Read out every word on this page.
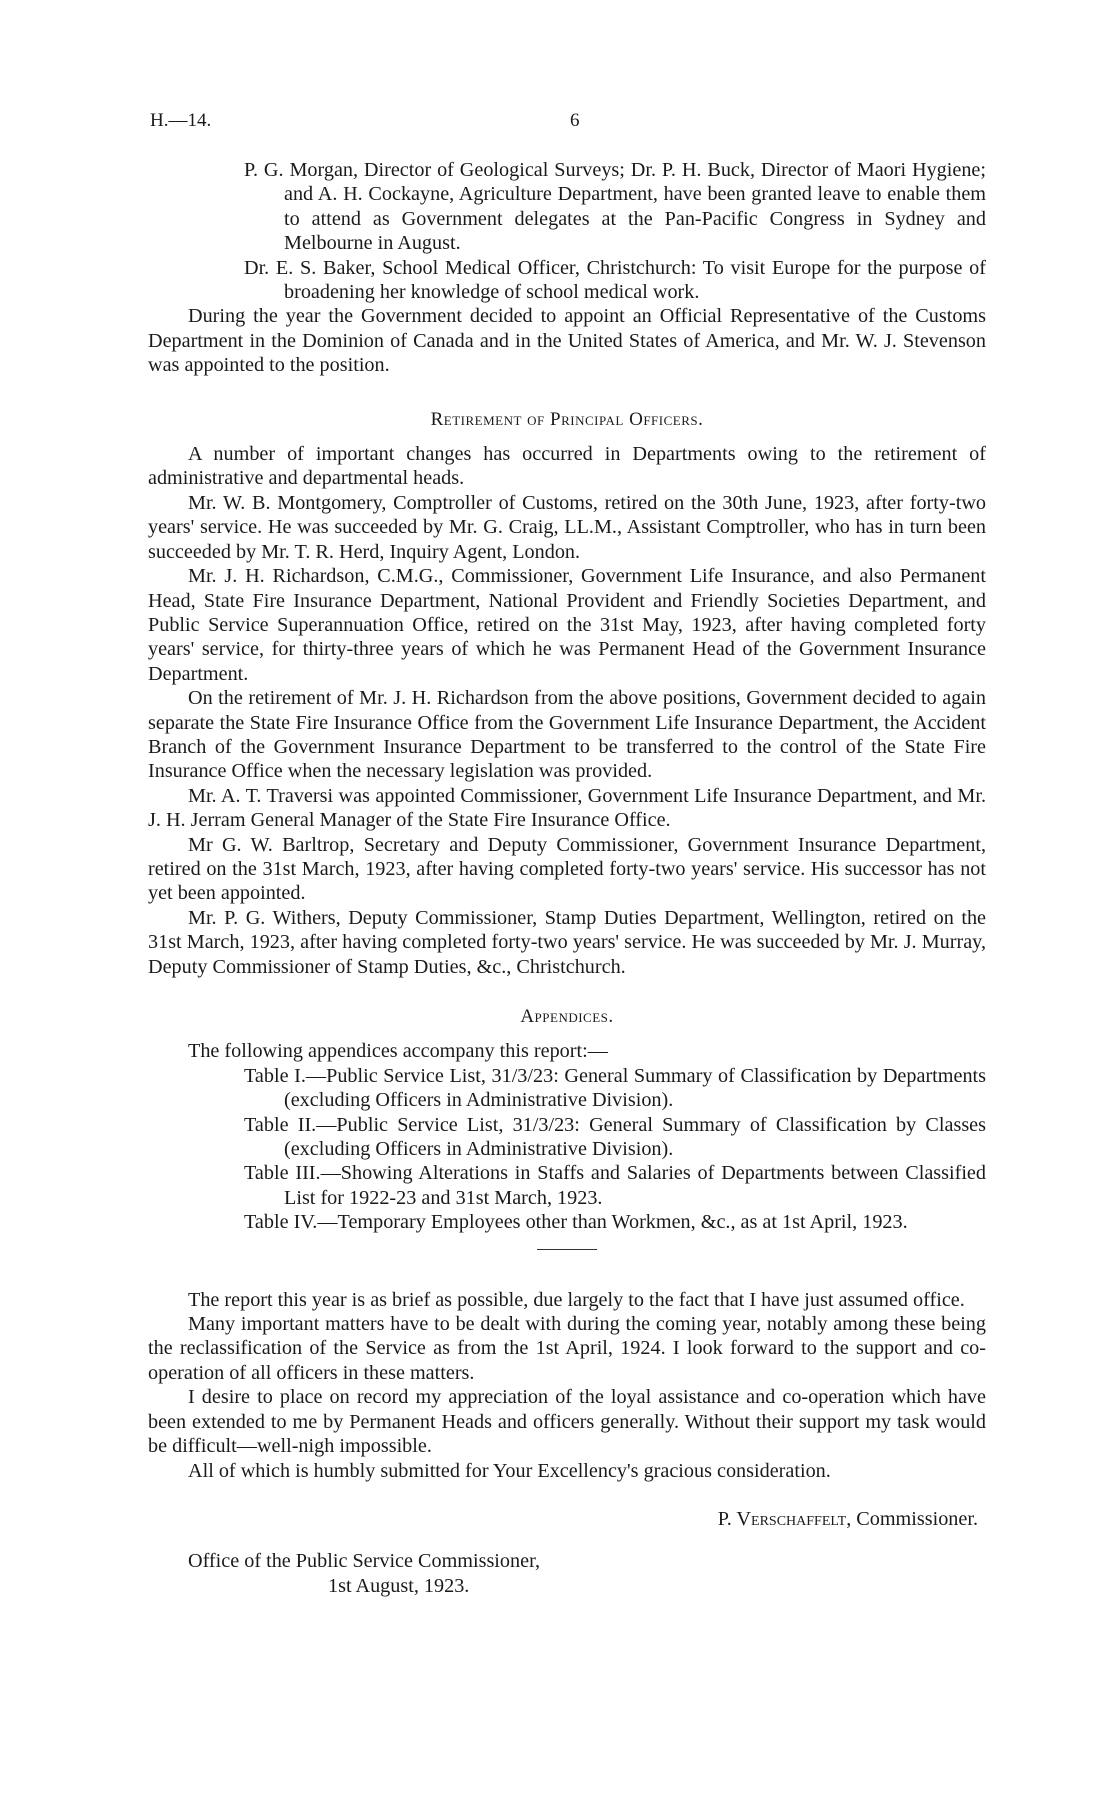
H.—14.	6

P. G. Morgan, Director of Geological Surveys; Dr. P. H. Buck, Director of Maori Hygiene; and A. H. Cockayne, Agriculture Department, have been granted leave to enable them to attend as Government delegates at the Pan-Pacific Congress in Sydney and Melbourne in August.

Dr. E. S. Baker, School Medical Officer, Christchurch: To visit Europe for the purpose of broadening her knowledge of school medical work.

During the year the Government decided to appoint an Official Representative of the Customs Department in the Dominion of Canada and in the United States of America, and Mr. W. J. Stevenson was appointed to the position.

Retirement of Principal Officers.

A number of important changes has occurred in Departments owing to the retirement of administrative and departmental heads.

Mr. W. B. Montgomery, Comptroller of Customs, retired on the 30th June, 1923, after forty-two years' service. He was succeeded by Mr. G. Craig, LL.M., Assistant Comptroller, who has in turn been succeeded by Mr. T. R. Herd, Inquiry Agent, London.

Mr. J. H. Richardson, C.M.G., Commissioner, Government Life Insurance, and also Permanent Head, State Fire Insurance Department, National Provident and Friendly Societies Department, and Public Service Superannuation Office, retired on the 31st May, 1923, after having completed forty years' service, for thirty-three years of which he was Permanent Head of the Government Insurance Department.

On the retirement of Mr. J. H. Richardson from the above positions, Government decided to again separate the State Fire Insurance Office from the Government Life Insurance Department, the Accident Branch of the Government Insurance Department to be transferred to the control of the State Fire Insurance Office when the necessary legislation was provided.

Mr. A. T. Traversi was appointed Commissioner, Government Life Insurance Department, and Mr. J. H. Jerram General Manager of the State Fire Insurance Office.

Mr G. W. Barltrop, Secretary and Deputy Commissioner, Government Insurance Department, retired on the 31st March, 1923, after having completed forty-two years' service. His successor has not yet been appointed.

Mr. P. G. Withers, Deputy Commissioner, Stamp Duties Department, Wellington, retired on the 31st March, 1923, after having completed forty-two years' service. He was succeeded by Mr. J. Murray, Deputy Commissioner of Stamp Duties, &c., Christchurch.

Appendices.

The following appendices accompany this report:—

Table I.—Public Service List, 31/3/23: General Summary of Classification by Departments (excluding Officers in Administrative Division).

Table II.—Public Service List, 31/3/23: General Summary of Classification by Classes (excluding Officers in Administrative Division).

Table III.—Showing Alterations in Staffs and Salaries of Departments between Classified List for 1922-23 and 31st March, 1923.

Table IV.—Temporary Employees other than Workmen, &c., as at 1st April, 1923.

The report this year is as brief as possible, due largely to the fact that I have just assumed office.

Many important matters have to be dealt with during the coming year, notably among these being the reclassification of the Service as from the 1st April, 1924. I look forward to the support and co-operation of all officers in these matters.

I desire to place on record my appreciation of the loyal assistance and co-operation which have been extended to me by Permanent Heads and officers generally. Without their support my task would be difficult—well-nigh impossible.

All of which is humbly submitted for Your Excellency's gracious consideration.

P. Verschaffelt, Commissioner.
Office of the Public Service Commissioner,
1st August, 1923.
